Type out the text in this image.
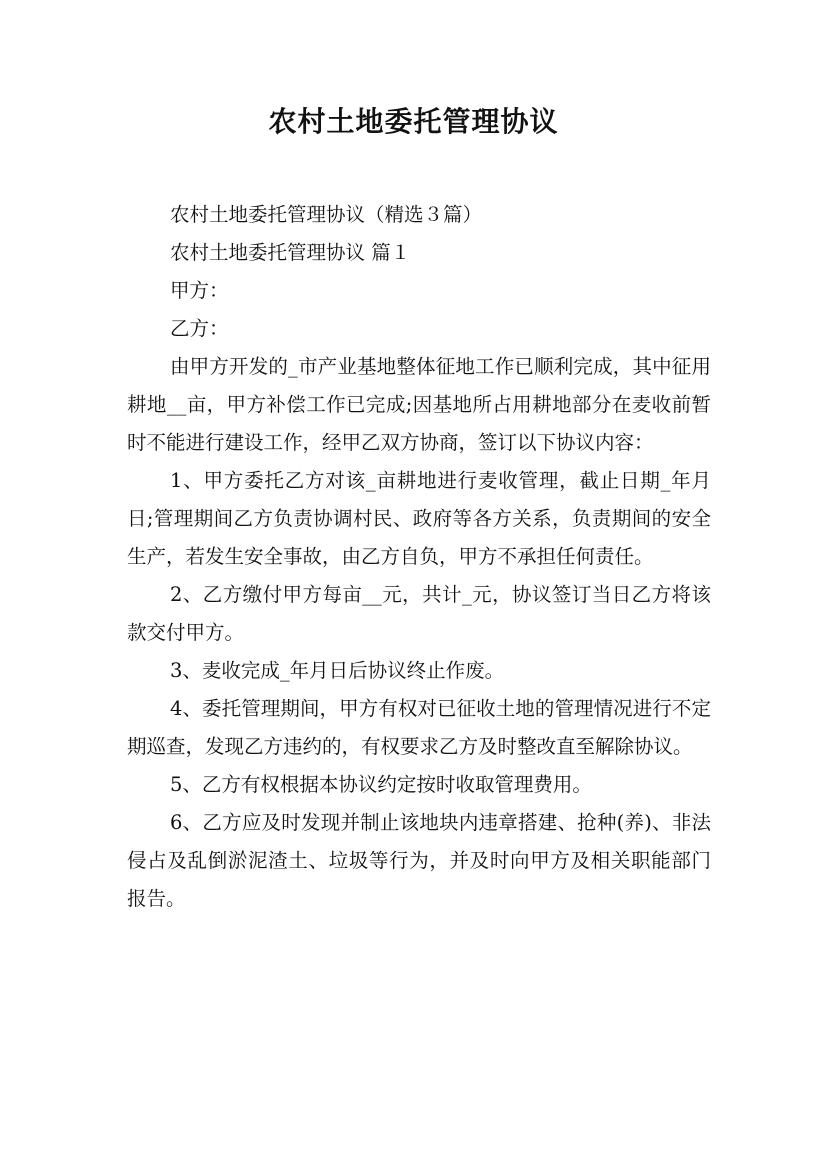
农村土地委托管理协议

农村土地委托管理协议（精选３篇）

农村土地委托管理协议 篇１

甲方：

乙方：

由甲方开发的_市产业基地整体征地工作已顺利完成，其中征用耕地__亩，甲方补偿工作已完成;因基地所占用耕地部分在麦收前暂时不能进行建设工作，经甲乙双方协商，签订以下协议内容：

1、甲方委托乙方对该_亩耕地进行麦收管理，截止日期_年月日;管理期间乙方负责协调村民、政府等各方关系，负责期间的安全生产，若发生安全事故，由乙方自负，甲方不承担任何责任。

2、乙方缴付甲方每亩__元，共计_元，协议签订当日乙方将该款交付甲方。

3、麦收完成_年月日后协议终止作废。

4、委托管理期间，甲方有权对已征收土地的管理情况进行不定期巡查，发现乙方违约的，有权要求乙方及时整改直至解除协议。

5、乙方有权根据本协议约定按时收取管理费用。

6、乙方应及时发现并制止该地块内违章搭建、抢种(养)、非法侵占及乱倒淤泥渣土、垃圾等行为，并及时向甲方及相关职能部门报告。
